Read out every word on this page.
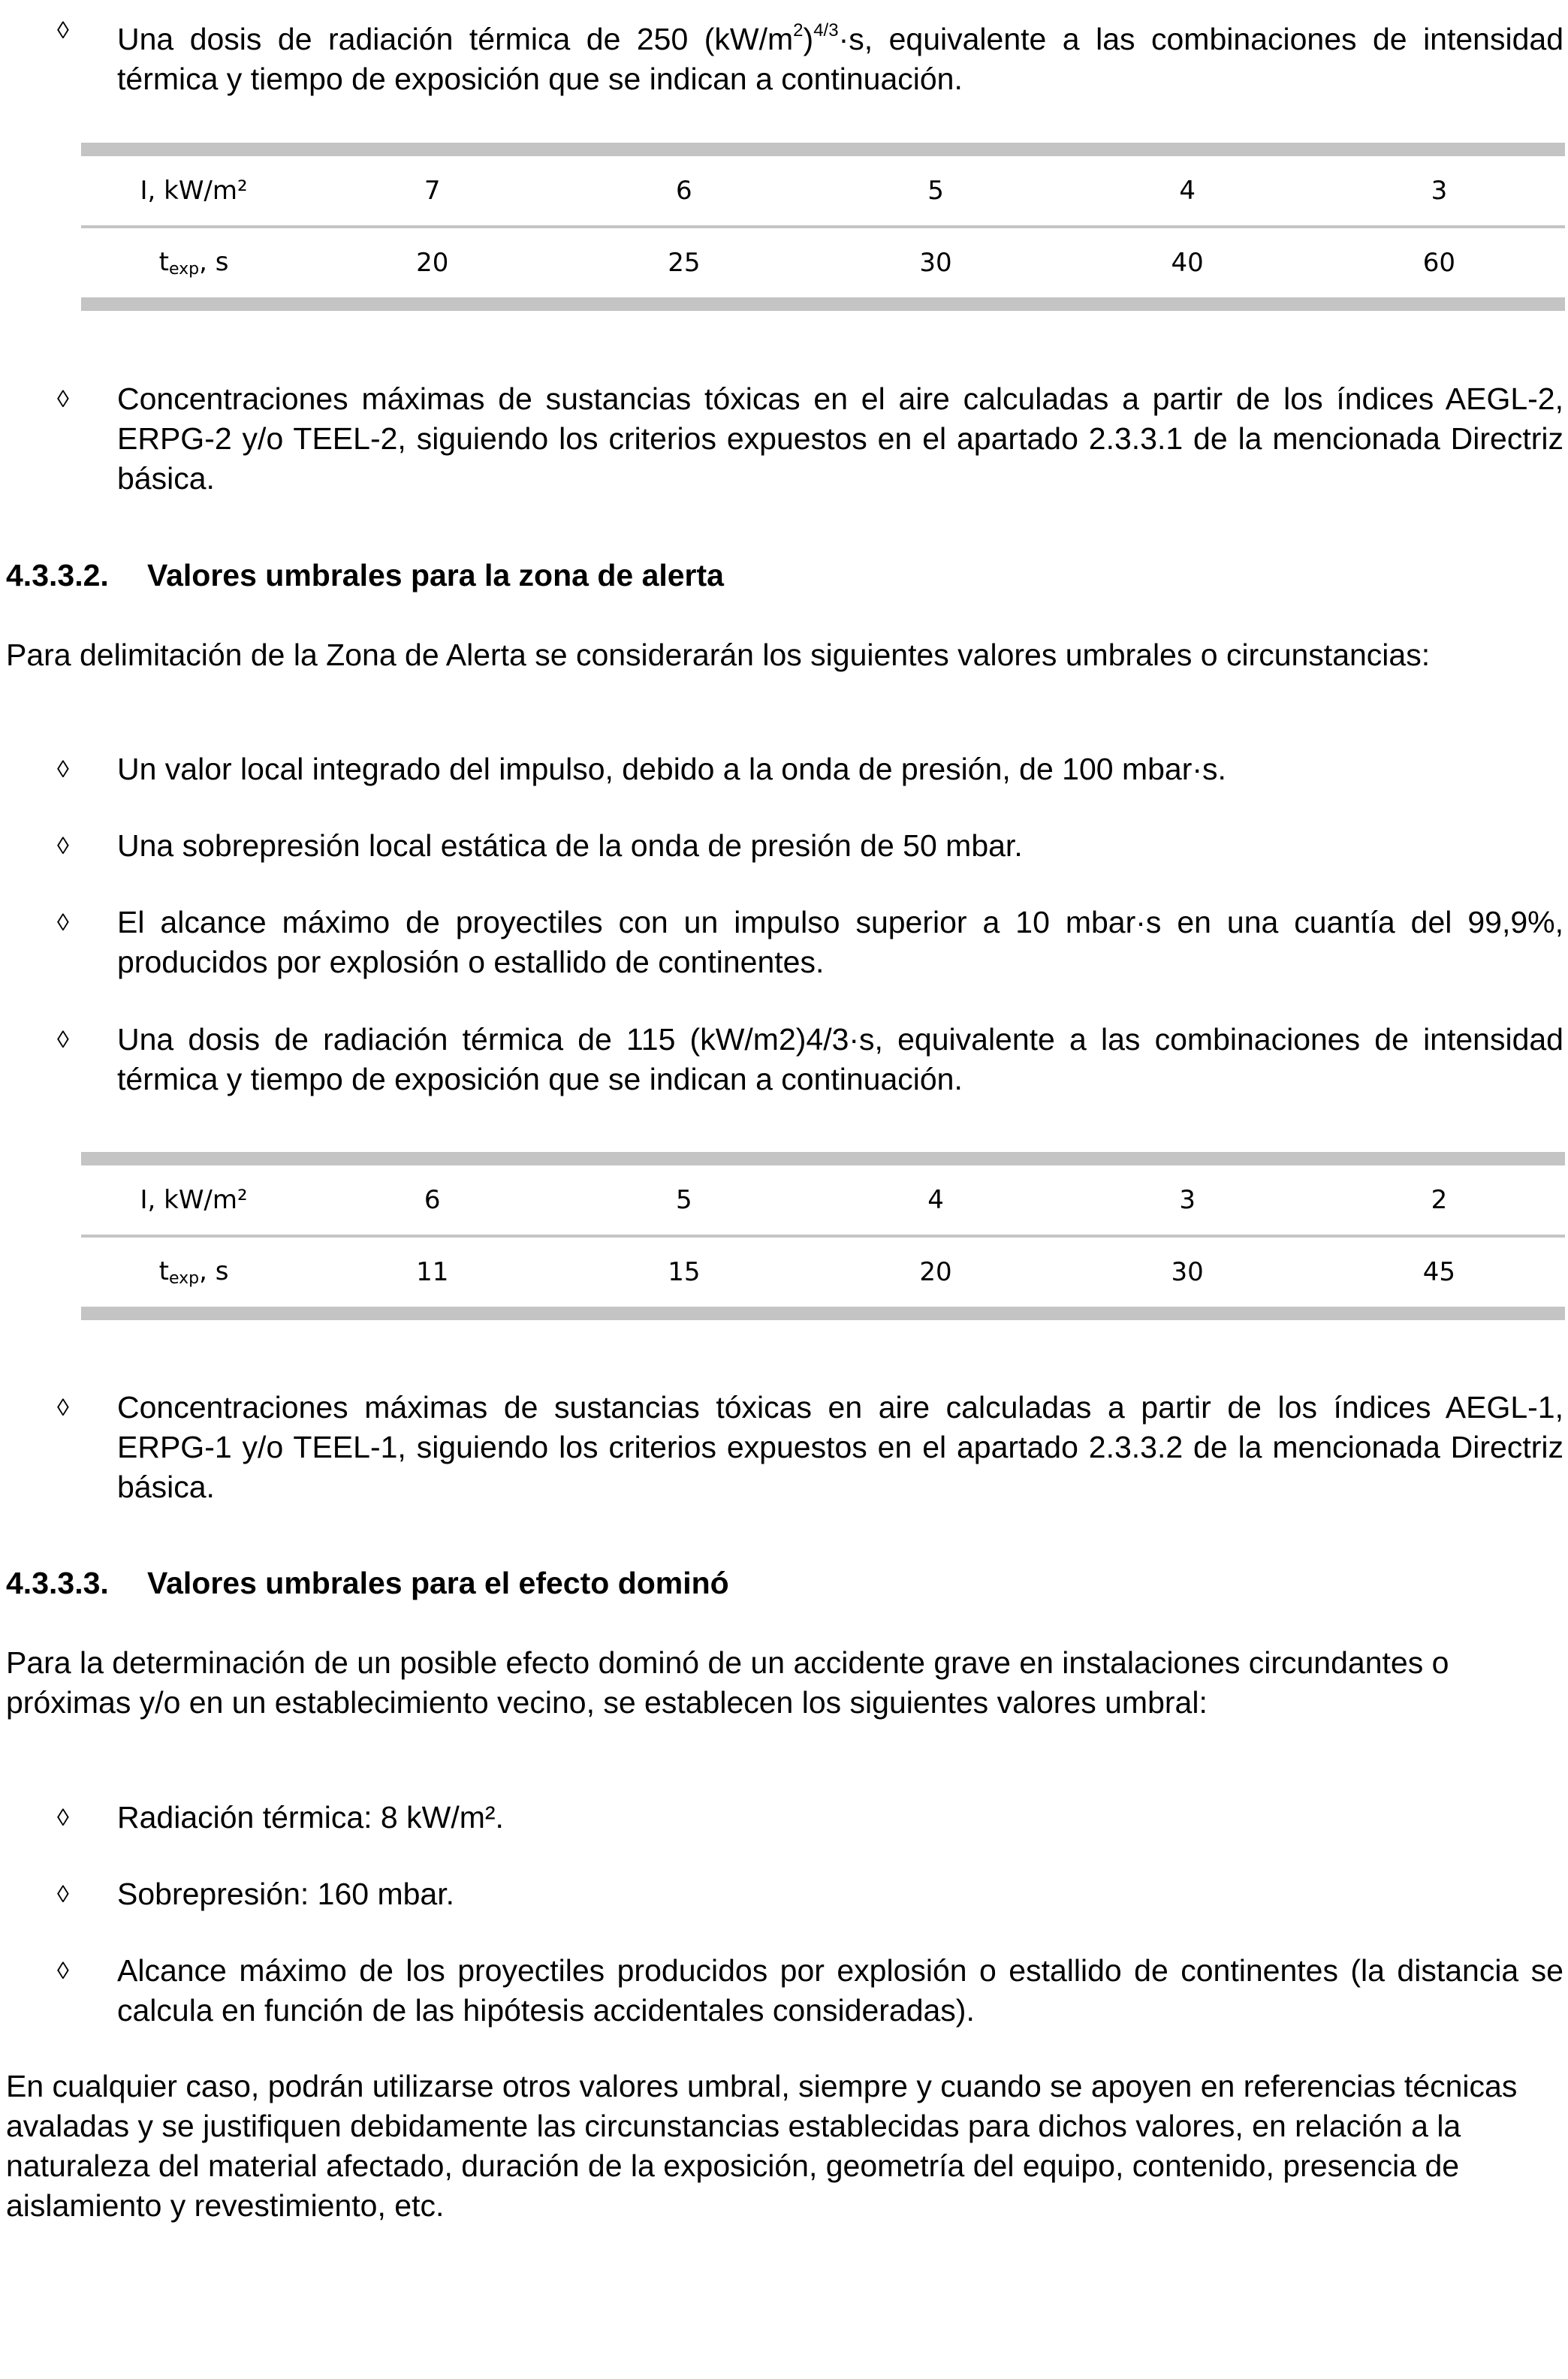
◊ Una dosis de radiación térmica de 250 $(kW/m^2)^{4/3}\cdot s$, equivalente a las combinaciones de intensidad térmica y tiempo de exposición que se indican a continuación.
I, kW/m²	7	6	5	4	3
$t_{exp}$, s	20	25	30	40	60
◊ Concentraciones máximas de sustancias tóxicas en el aire calculadas a partir de los índices AEGL-2, ERPG-2 y/o TEEL-2, siguiendo los criterios expuestos en el apartado 2.3.3.1 de la mencionada Directriz básica.
4.3.3.2. Valores umbrales para la zona de alerta
Para delimitación de la Zona de Alerta se considerarán los siguientes valores umbrales o circunstancias:
◊ Un valor local integrado del impulso, debido a la onda de presión, de 100 mbar·s.
◊ Una sobrepresión local estática de la onda de presión de 50 mbar.
◊ El alcance máximo de proyectiles con un impulso superior a 10 mbar·s en una cuantía del 99,9%, producidos por explosión o estallido de continentes.
◊ Una dosis de radiación térmica de 115 (kW/m2)4/3·s, equivalente a las combinaciones de intensidad térmica y tiempo de exposición que se indican a continuación.
I, kW/m²	6	5	4	3	2
$t_{exp}$, s	11	15	20	30	45
◊ Concentraciones máximas de sustancias tóxicas en aire calculadas a partir de los índices AEGL-1, ERPG-1 y/o TEEL-1, siguiendo los criterios expuestos en el apartado 2.3.3.2 de la mencionada Directriz básica.
4.3.3.3. Valores umbrales para el efecto dominó
Para la determinación de un posible efecto dominó de un accidente grave en instalaciones circundantes o próximas y/o en un establecimiento vecino, se establecen los siguientes valores umbral:
◊ Radiación térmica: 8 kW/m².
◊ Sobrepresión: 160 mbar.
◊ Alcance máximo de los proyectiles producidos por explosión o estallido de continentes (la distancia se calcula en función de las hipótesis accidentales consideradas).
En cualquier caso, podrán utilizarse otros valores umbral, siempre y cuando se apoyen en referencias técnicas avaladas y se justifiquen debidamente las circunstancias establecidas para dichos valores, en relación a la naturaleza del material afectado, duración de la exposición, geometría del equipo, contenido, presencia de aislamiento y revestimiento, etc.
